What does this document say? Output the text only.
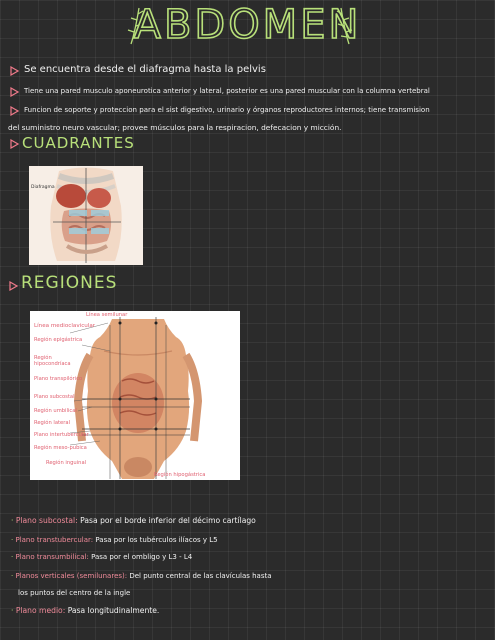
ABDOMEN
Se encuentra desde el diafragma hasta la pelvis
Tiene una pared musculo aponeurotica anterior y lateral, posterior es una pared muscular con la columna vertebral
Funcion de soporte y proteccion para el sist digestivo, urinario y órganos reproductores internos; tiene transmision
del suministro neuro vascular; provee músculos para la respiracion, defecacion y micción.
CUADRANTES
Diafragma
REGIONES
Línea semilunar
Línea medioclavicular
Región epigástrica
Región hipocondríaca
Plano transpilórico
Plano subcostal
Región umbilical
Región lateral
Plano intertubercular
Región meso-pubica
Región inguinal
Región hipogástrica
· Plano subcostal: Pasa por el borde inferior del décimo cartílago
· Plano transtubercular: Pasa por los tubérculos ilíacos y L5
· Plano transumbilical: Pasa por el ombligo y L3 - L4
· Planos verticales (semilunares): Del punto central de las clavículas hasta
los puntos del centro de la ingle
· Plano medio: Pasa longitudinalmente.
